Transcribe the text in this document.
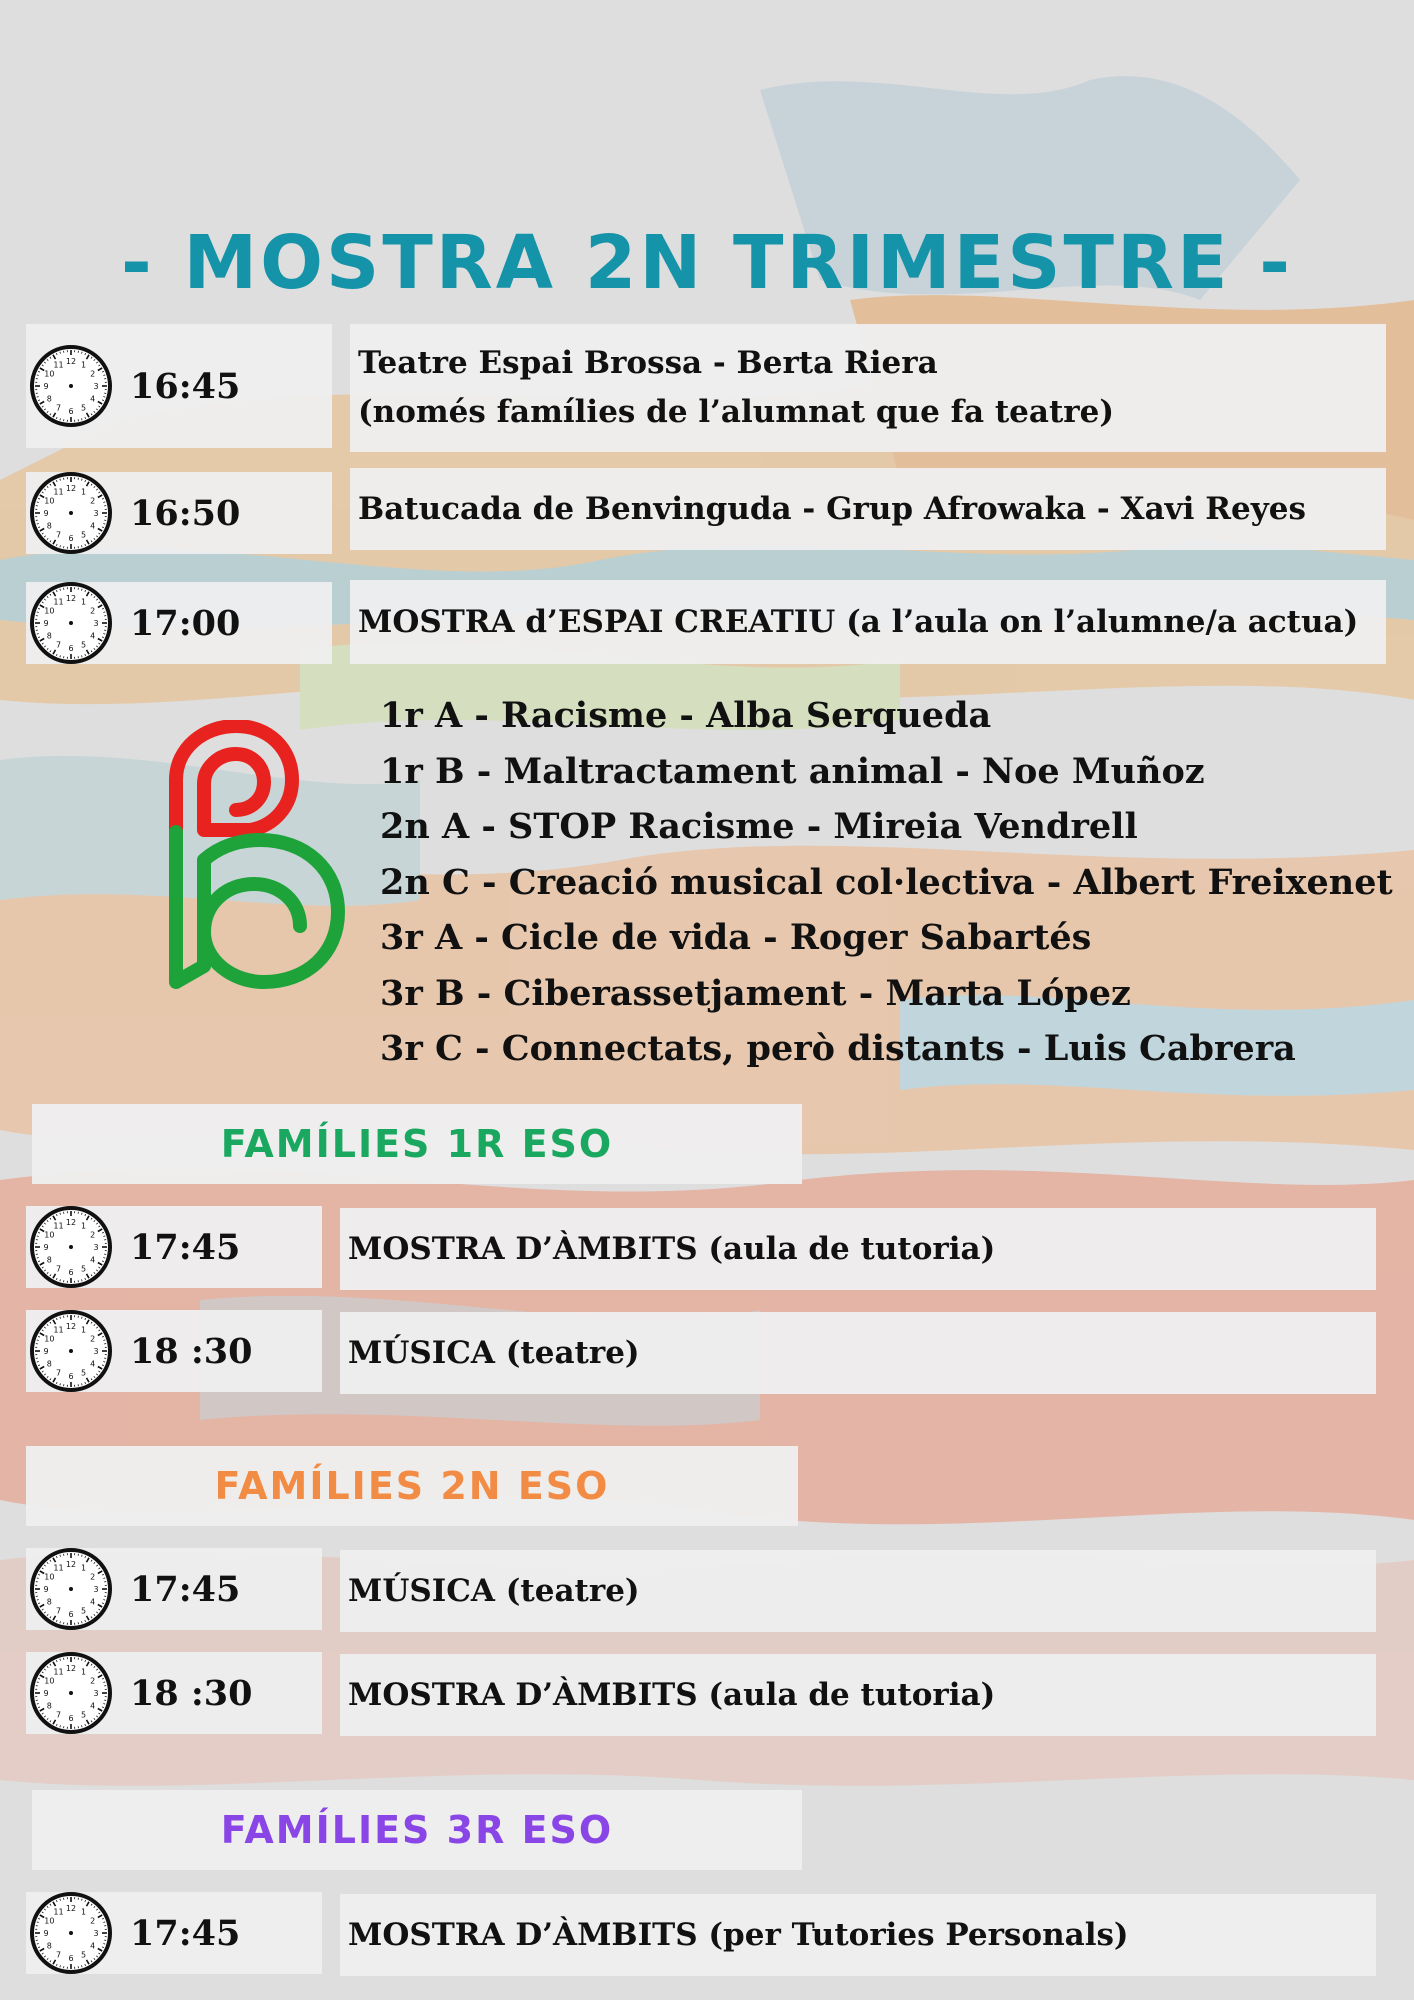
- MOSTRA 2N TRIMESTRE -
1
2
3
4
5
6
7
8
9
10
11 12
16:45
Teatre Espai Brossa - Berta Riera
(només famílies de l’alumnat que fa teatre)
1
2
3
4
5
6
7
8
9
10
11 12
16:50	Batucada de Benvinguda - Grup Afrowaka - Xavi Reyes
1
2
3
4
5
6
7
8
9
10
11 12
17:00	MOSTRA d’ESPAI CREATIU (a l’aula on l’alumne/a actua)
1r A - Racisme - Alba Serqueda
1r B - Maltractament animal - Noe Muñoz
2n A - STOP Racisme - Mireia Vendrell
2n C - Creació musical col·lectiva - Albert Freixenet
3r A - Cicle de vida - Roger Sabartés
3r B - Ciberassetjament - Marta López
3r C - Connectats, però distants - Luis Cabrera
FAMÍLIES 1R ESO
1
2
3
4
5
6
7
8
9
10
11 12
17:45	MOSTRA D’ÀMBITS (aula de tutoria)
1
2
3
4
5
6
7
8
9
10
11 12
18 :30	MÚSICA (teatre)
FAMÍLIES 2N ESO
1
2
3
4
5
6
7
8
9
10
11 12
17:45	MÚSICA (teatre)
1
2
3
4
5
6
7
8
9
10
11 12
18 :30	MOSTRA D’ÀMBITS (aula de tutoria)
FAMÍLIES 3R ESO
1
2
3
4
5
6
7
8
9
10
11 12
17:45	MOSTRA D’ÀMBITS (per Tutories Personals)
